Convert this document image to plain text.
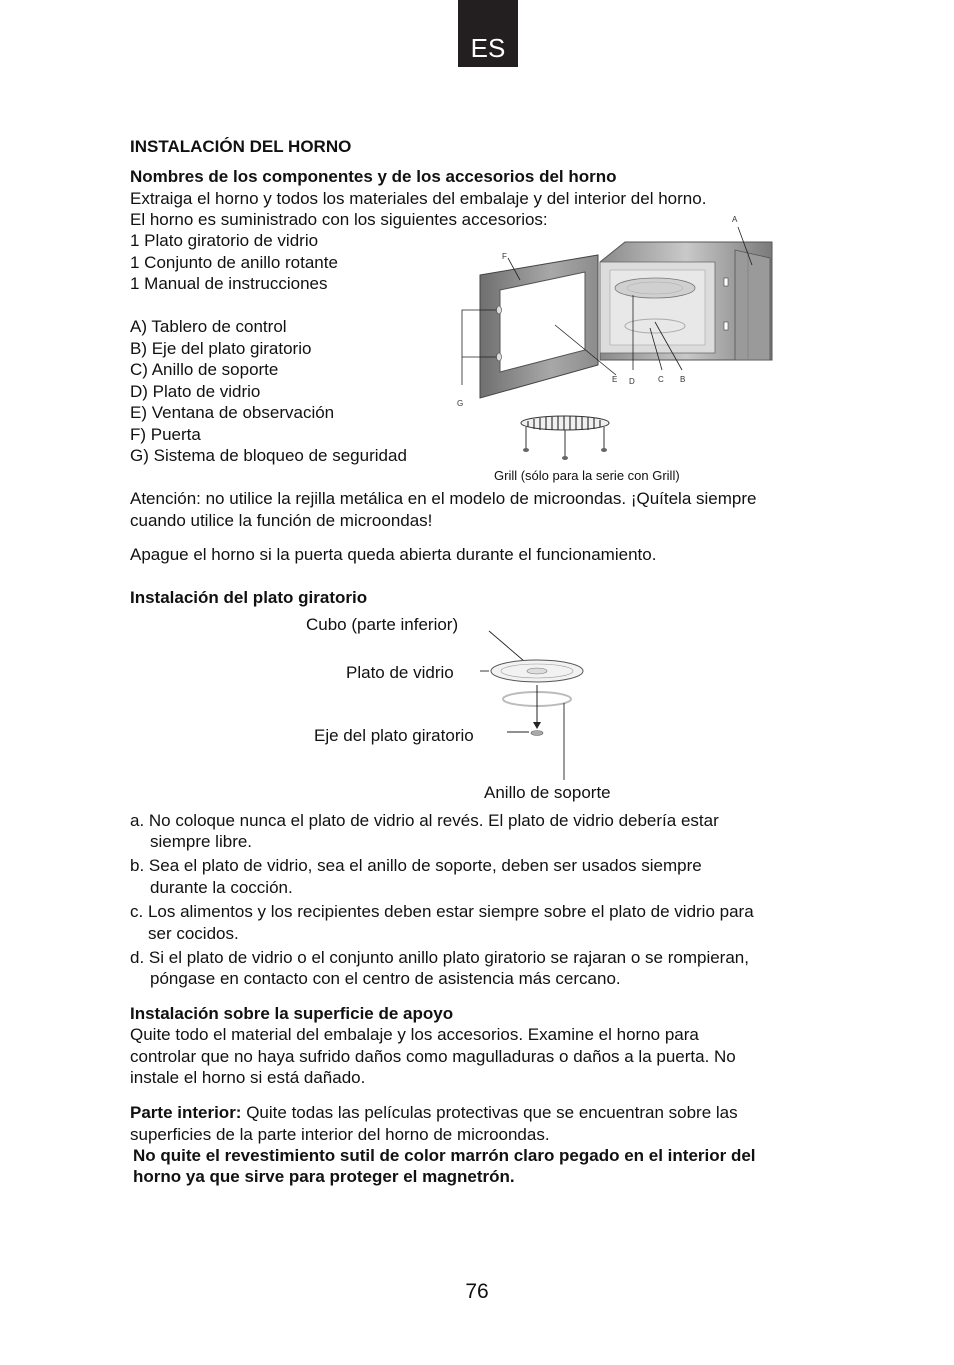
ES
INSTALACIÓN DEL HORNO
Nombres de los componentes y de los accesorios del horno
Extraiga el horno y todos los materiales del embalaje y del interior del horno.
El horno es suministrado con los siguientes accesorios:
1 Plato giratorio de vidrio
1 Conjunto de anillo rotante
1 Manual de instrucciones
A) Tablero de control
B) Eje del plato giratorio
C) Anillo de soporte
D) Plato de vidrio
E) Ventana de observación
F) Puerta
G) Sistema de bloqueo de seguridad
A
F
E D	C B
G
Grill (sólo para la serie con Grill)
Atención: no utilice la rejilla metálica en el modelo de microondas. ¡Quítela siempre
cuando utilice la función de microondas!
Apague el horno si la puerta queda abierta durante el funcionamiento.
Instalación del plato giratorio
Cubo (parte inferior)
Plato de vidrio
Eje del plato giratorio
Anillo de soporte
a. No coloque nunca el plato de vidrio al revés. El plato de vidrio debería estar
siempre libre.
b. Sea el plato de vidrio, sea el anillo de soporte, deben ser usados siempre
durante la cocción.
c. Los alimentos y los recipientes deben estar siempre sobre el plato de vidrio para
ser cocidos.
d. Si el plato de vidrio o el conjunto anillo plato giratorio se rajaran o se rompieran,
póngase en contacto con el centro de asistencia más cercano.
Instalación sobre la superficie de apoyo
Quite todo el material del embalaje y los accesorios. Examine el horno para
controlar que no haya sufrido daños como magulladuras o daños a la puerta. No
instale el horno si está dañado.
Parte interior: Quite todas las películas protectivas que se encuentran sobre las
superficies de la parte interior del horno de microondas.
No quite el revestimiento sutil de color marrón claro pegado en el interior del
horno ya que sirve para proteger el magnetrón.
76
